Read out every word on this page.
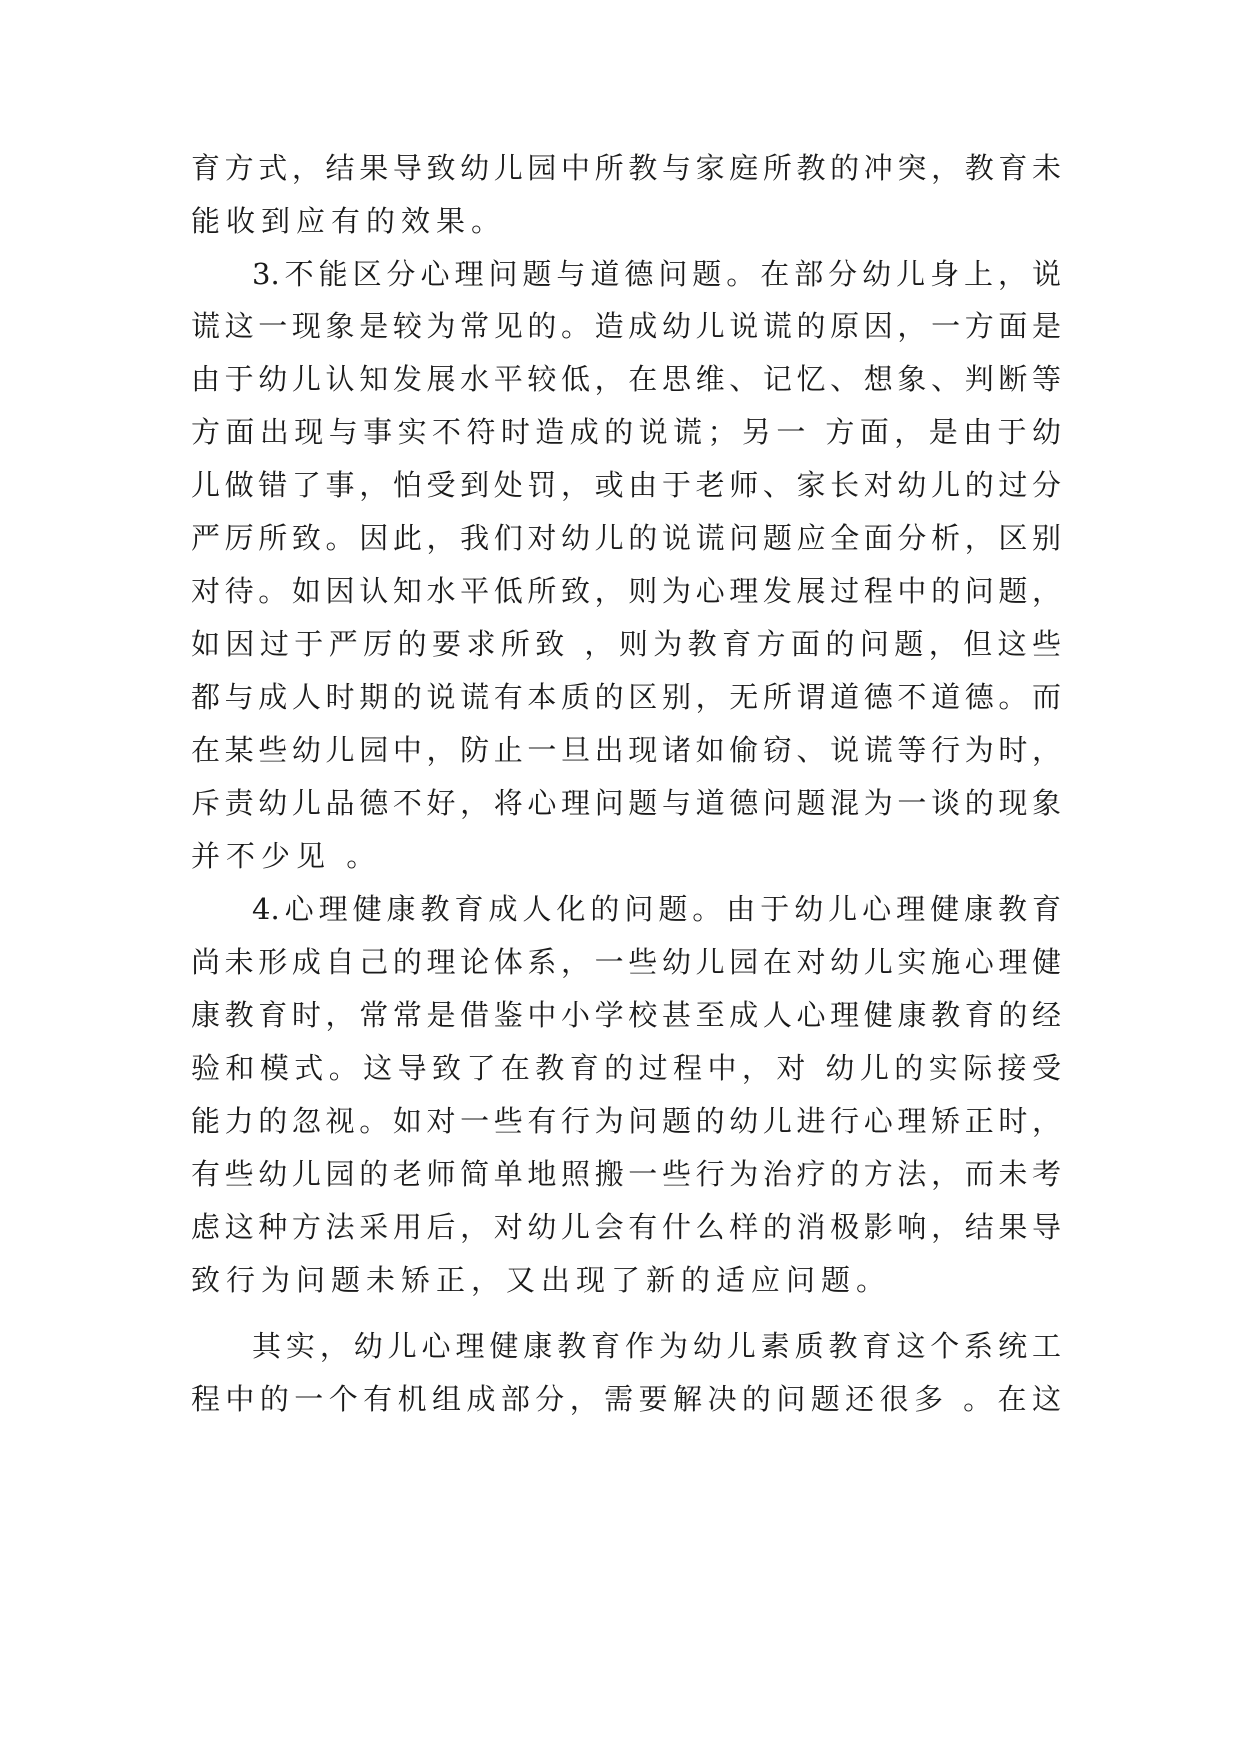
育方式，结果导致幼儿园中所教与家庭所教的冲突，教育未
能收到应有的效果。
3.不能区分心理问题与道德问题。在部分幼儿身上，说
谎这一现象是较为常见的。造成幼儿说谎的原因，一方面是
由于幼儿认知发展水平较低，在思维、记忆、想象、判断等
方面出现与事实不符时造成的说谎；另一 方面，是由于幼
儿做错了事，怕受到处罚，或由于老师、家长对幼儿的过分
严厉所致。因此，我们对幼儿的说谎问题应全面分析，区别
对待。如因认知水平低所致，则为心理发展过程中的问题，
如因过于严厉的要求所致 ，则为教育方面的问题，但这些
都与成人时期的说谎有本质的区别，无所谓道德不道德。而
在某些幼儿园中，防止一旦出现诸如偷窃、说谎等行为时，
斥责幼儿品德不好，将心理问题与道德问题混为一谈的现象
并不少见 。
4.心理健康教育成人化的问题。由于幼儿心理健康教育
尚未形成自己的理论体系，一些幼儿园在对幼儿实施心理健
康教育时，常常是借鉴中小学校甚至成人心理健康教育的经
验和模式。这导致了在教育的过程中，对 幼儿的实际接受
能力的忽视。如对一些有行为问题的幼儿进行心理矫正时，
有些幼儿园的老师简单地照搬一些行为治疗的方法，而未考
虑这种方法采用后，对幼儿会有什么样的消极影响，结果导
致行为问题未矫正，又出现了新的适应问题。
其实，幼儿心理健康教育作为幼儿素质教育这个系统工
程中的一个有机组成部分，需要解决的问题还很多 。在这
